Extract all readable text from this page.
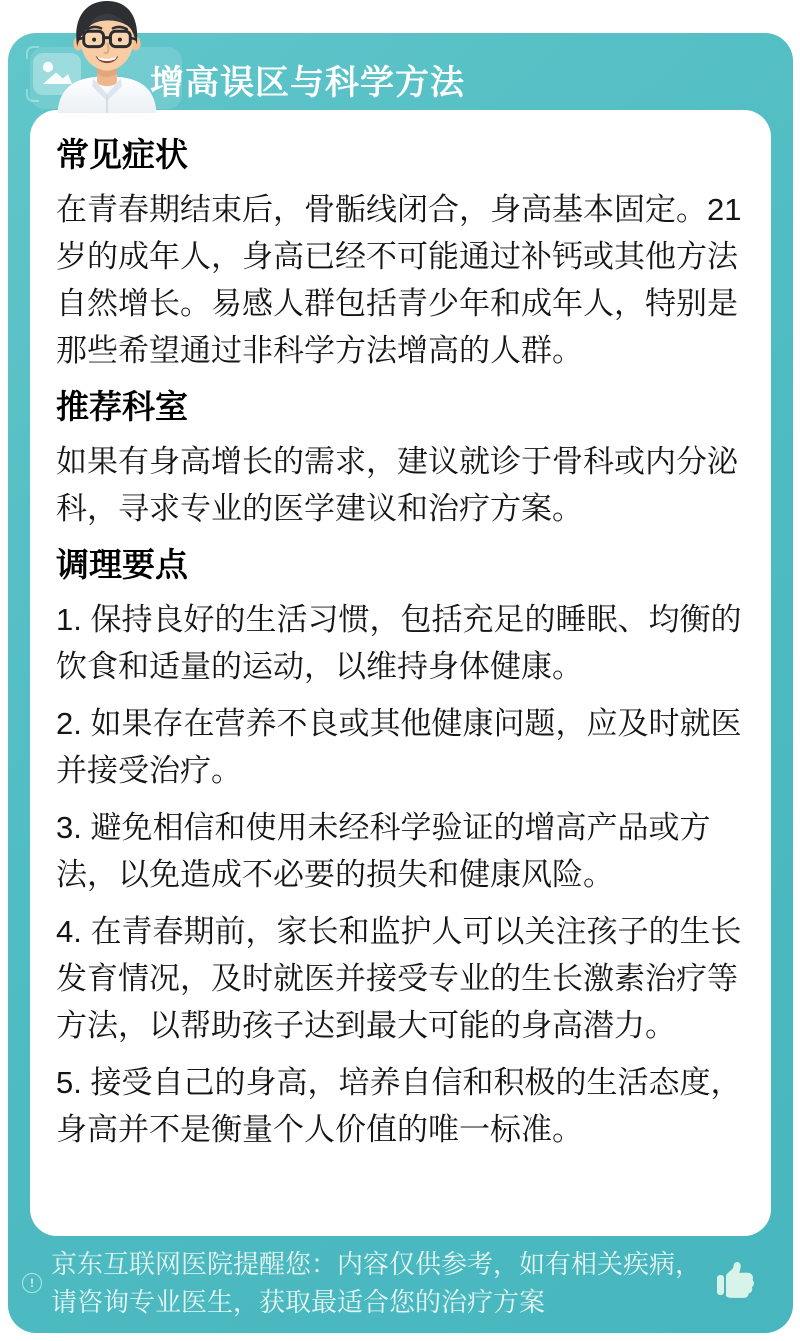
增高误区与科学方法
常见症状

在青春期结束后，骨骺线闭合，身高基本固定。21岁的成年人，身高已经不可能通过补钙或其他方法自然增长。易感人群包括青少年和成年人，特别是那些希望通过非科学方法增高的人群。

推荐科室

如果有身高增长的需求，建议就诊于骨科或内分泌科，寻求专业的医学建议和治疗方案。

调理要点

1. 保持良好的生活习惯，包括充足的睡眠、均衡的饮食和适量的运动，以维持身体健康。

2. 如果存在营养不良或其他健康问题，应及时就医并接受治疗。

3. 避免相信和使用未经科学验证的增高产品或方法，以免造成不必要的损失和健康风险。

4. 在青春期前，家长和监护人可以关注孩子的生长发育情况，及时就医并接受专业的生长激素治疗等方法，以帮助孩子达到最大可能的身高潜力。

5. 接受自己的身高，培养自信和积极的生活态度，身高并不是衡量个人价值的唯一标准。

!

京东互联网医院提醒您：内容仅供参考，如有相关疾病，请咨询专业医生，获取最适合您的治疗方案
